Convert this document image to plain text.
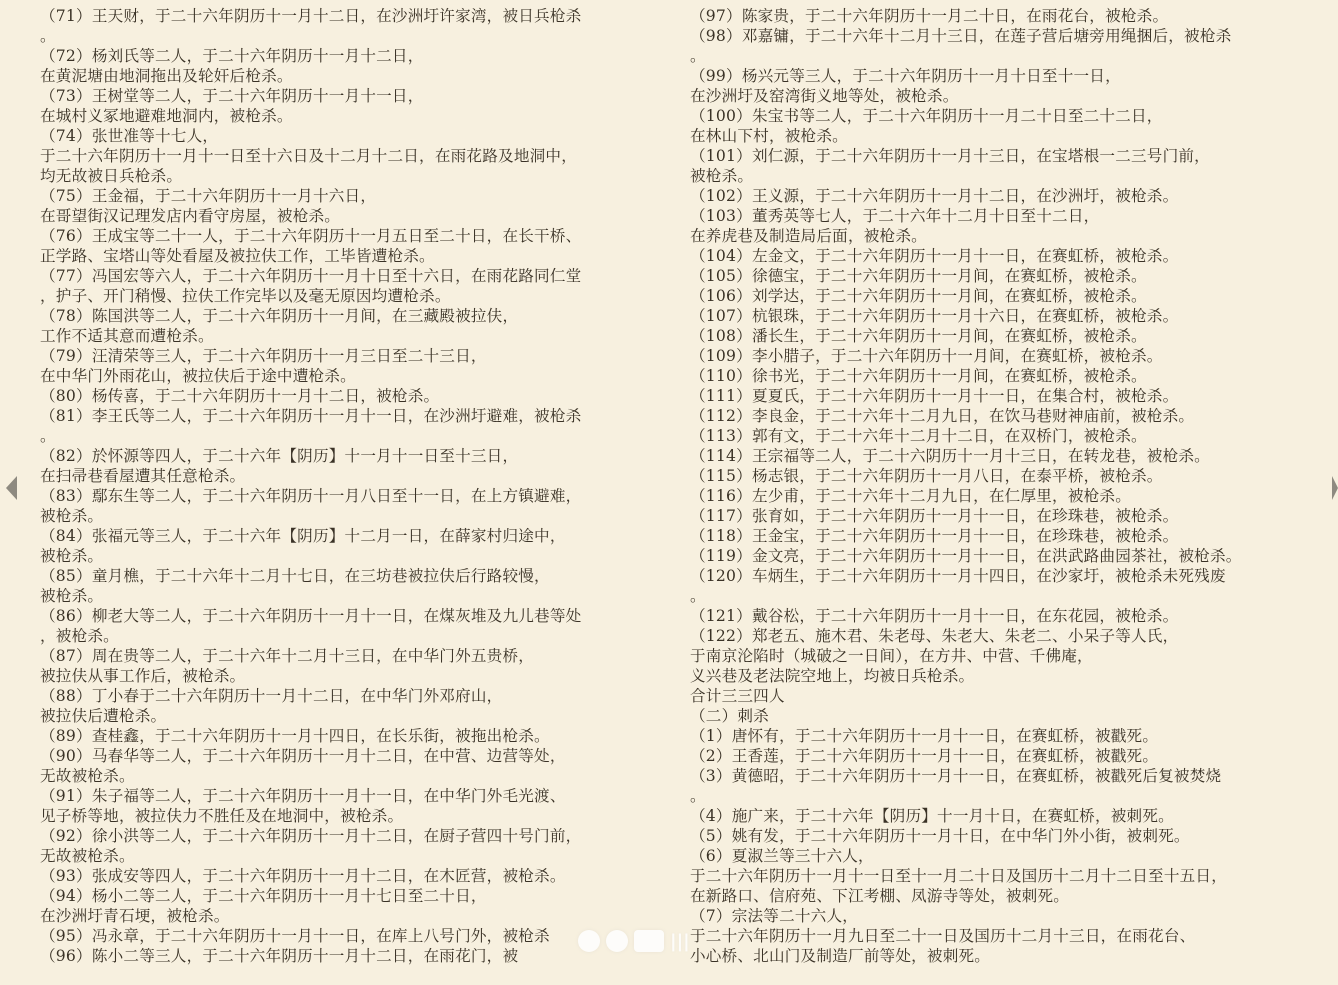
（71）王天财，于二十六年阴历十一月十二日，在沙洲圩许家湾，被日兵枪杀
。
（72）杨刘氏等二人，于二十六年阴历十一月十二日，
在黄泥塘由地洞拖出及轮奸后枪杀。
（73）王树堂等二人，于二十六年阴历十一月十一日，
在城村义冢地避难地洞内，被枪杀。
（74）张世准等十七人，
于二十六年阴历十一月十一日至十六日及十二月十二日，在雨花路及地洞中，
均无故被日兵枪杀。
（75）王金福，于二十六年阴历十一月十六日，
在哥望街汉记理发店内看守房屋，被枪杀。
（76）王成宝等二十一人，于二十六年阴历十一月五日至二十日，在长干桥、
正学路、宝塔山等处看屋及被拉伕工作，工毕皆遭枪杀。
（77）冯国宏等六人，于二十六年阴历十一月十日至十六日，在雨花路同仁堂
，护子、开门稍慢、拉伕工作完毕以及毫无原因均遭枪杀。
（78）陈国洪等二人，于二十六年阴历十一月间，在三藏殿被拉伕，
工作不适其意而遭枪杀。
（79）汪清荣等三人，于二十六年阴历十一月三日至二十三日，
在中华门外雨花山，被拉伕后于途中遭枪杀。
（80）杨传喜，于二十六年阴历十一月十二日，被枪杀。
（81）李王氏等二人，于二十六年阴历十一月十一日，在沙洲圩避难，被枪杀
。
（82）於怀源等四人，于二十六年【阴历】十一月十一日至十三日，
在扫帚巷看屋遭其任意枪杀。
（83）鄢东生等二人，于二十六年阴历十一月八日至十一日，在上方镇避难，
被枪杀。
（84）张福元等三人，于二十六年【阴历】十二月一日，在薛家村归途中，
被枪杀。
（85）童月樵，于二十六年十二月十七日，在三坊巷被拉伕后行路较慢，
被枪杀。
（86）柳老大等二人，于二十六年阴历十一月十一日，在煤灰堆及九儿巷等处
，被枪杀。
（87）周在贵等二人，于二十六年十二月十三日，在中华门外五贵桥，
被拉伕从事工作后，被枪杀。
（88）丁小春于二十六年阴历十一月十二日，在中华门外邓府山，
被拉伕后遭枪杀。
（89）查桂鑫，于二十六年阴历十一月十四日，在长乐街，被拖出枪杀。
（90）马春华等二人，于二十六年阴历十一月十二日，在中营、边营等处，
无故被枪杀。
（91）朱子福等二人，于二十六年阴历十一月十一日，在中华门外毛光渡、
见子桥等地，被拉伕力不胜任及在地洞中，被枪杀。
（92）徐小洪等二人，于二十六年阴历十一月十二日，在厨子营四十号门前，
无故被枪杀。
（93）张成安等四人，于二十六年阴历十一月十二日，在木匠营，被枪杀。
（94）杨小二等二人，于二十六年阴历十一月十七日至二十日，
在沙洲圩青石埂，被枪杀。
（95）冯永章，于二十六年阴历十一月十一日，在库上八号门外，被枪杀
（96）陈小二等三人，于二十六年阴历十一月十二日，在雨花门，被
（97）陈家贵，于二十六年阴历十一月二十日，在雨花台，被枪杀。
（98）邓嘉镛，于二十六年十二月十三日，在莲子营后塘旁用绳捆后，被枪杀
。
（99）杨兴元等三人，于二十六年阴历十一月十日至十一日，
在沙洲圩及窑湾街义地等处，被枪杀。
（100）朱宝书等二人，于二十六年阴历十一月二十日至二十二日，
在林山下村，被枪杀。
（101）刘仁源，于二十六年阴历十一月十三日，在宝塔根一二三号门前，
被枪杀。
（102）王义源，于二十六年阴历十一月十二日，在沙洲圩，被枪杀。
（103）董秀英等七人，于二十六年十二月十日至十二日，
在养虎巷及制造局后面，被枪杀。
（104）左金文，于二十六年阴历十一月十一日，在赛虹桥，被枪杀。
（105）徐德宝，于二十六年阴历十一月间，在赛虹桥，被枪杀。
（106）刘学达，于二十六年阴历十一月间，在赛虹桥，被枪杀。
（107）杭银珠，于二十六年阴历十一月十六日，在赛虹桥，被枪杀。
（108）潘长生，于二十六年阴历十一月间，在赛虹桥，被枪杀。
（109）李小腊子，于二十六年阴历十一月间，在赛虹桥，被枪杀。
（110）徐书光，于二十六年阴历十一月间，在赛虹桥，被枪杀。
（111）夏夏氏，于二十六年阴历十一月十一日，在集合村，被枪杀。
（112）李良金，于二十六年十二月九日，在饮马巷财神庙前，被枪杀。
（113）郭有文，于二十六年十二月十二日，在双桥门，被枪杀。
（114）王宗福等二人，于二十六阴历十一月十三日，在转龙巷，被枪杀。
（115）杨志银，于二十六年阴历十一月八日，在泰平桥，被枪杀。
（116）左少甫，于二十六年十二月九日，在仁厚里，被枪杀。
（117）张育如，于二十六年阴历十一月十一日，在珍珠巷，被枪杀。
（118）王金宝，于二十六年阴历十一月十一日，在珍珠巷，被枪杀。
（119）金文亮，于二十六年阴历十一月十一日，在洪武路曲园茶社，被枪杀。
（120）车炳生，于二十六年阴历十一月十四日，在沙家圩，被枪杀未死残废
。
（121）戴谷松，于二十六年阴历十一月十一日，在东花园，被枪杀。
（122）郑老五、施木君、朱老母、朱老大、朱老二、小呆子等人氏，
于南京沦陷时（城破之一日间），在方井、中营、千佛庵，
义兴巷及老法院空地上，均被日兵枪杀。
合计三三四人
（二）刺杀
（1）唐怀有，于二十六年阴历十一月十一日，在赛虹桥，被戳死。
（2）王香莲，于二十六年阴历十一月十一日，在赛虹桥，被戳死。
（3）黄德昭，于二十六年阴历十一月十一日，在赛虹桥，被戳死后复被焚烧
。
（4）施广来，于二十六年【阴历】十一月十日，在赛虹桥，被刺死。
（5）姚有发，于二十六年阴历十一月十日，在中华门外小街，被刺死。
（6）夏淑兰等三十六人，
于二十六年阴历十一月十一日至十一月二十日及国历十二月十二日至十五日，
在新路口、信府苑、下江考棚、凤游寺等处，被刺死。
（7）宗法等二十六人，
于二十六年阴历十一月九日至二十一日及国历十二月十三日，在雨花台、
小心桥、北山门及制造厂前等处，被刺死。
|||
